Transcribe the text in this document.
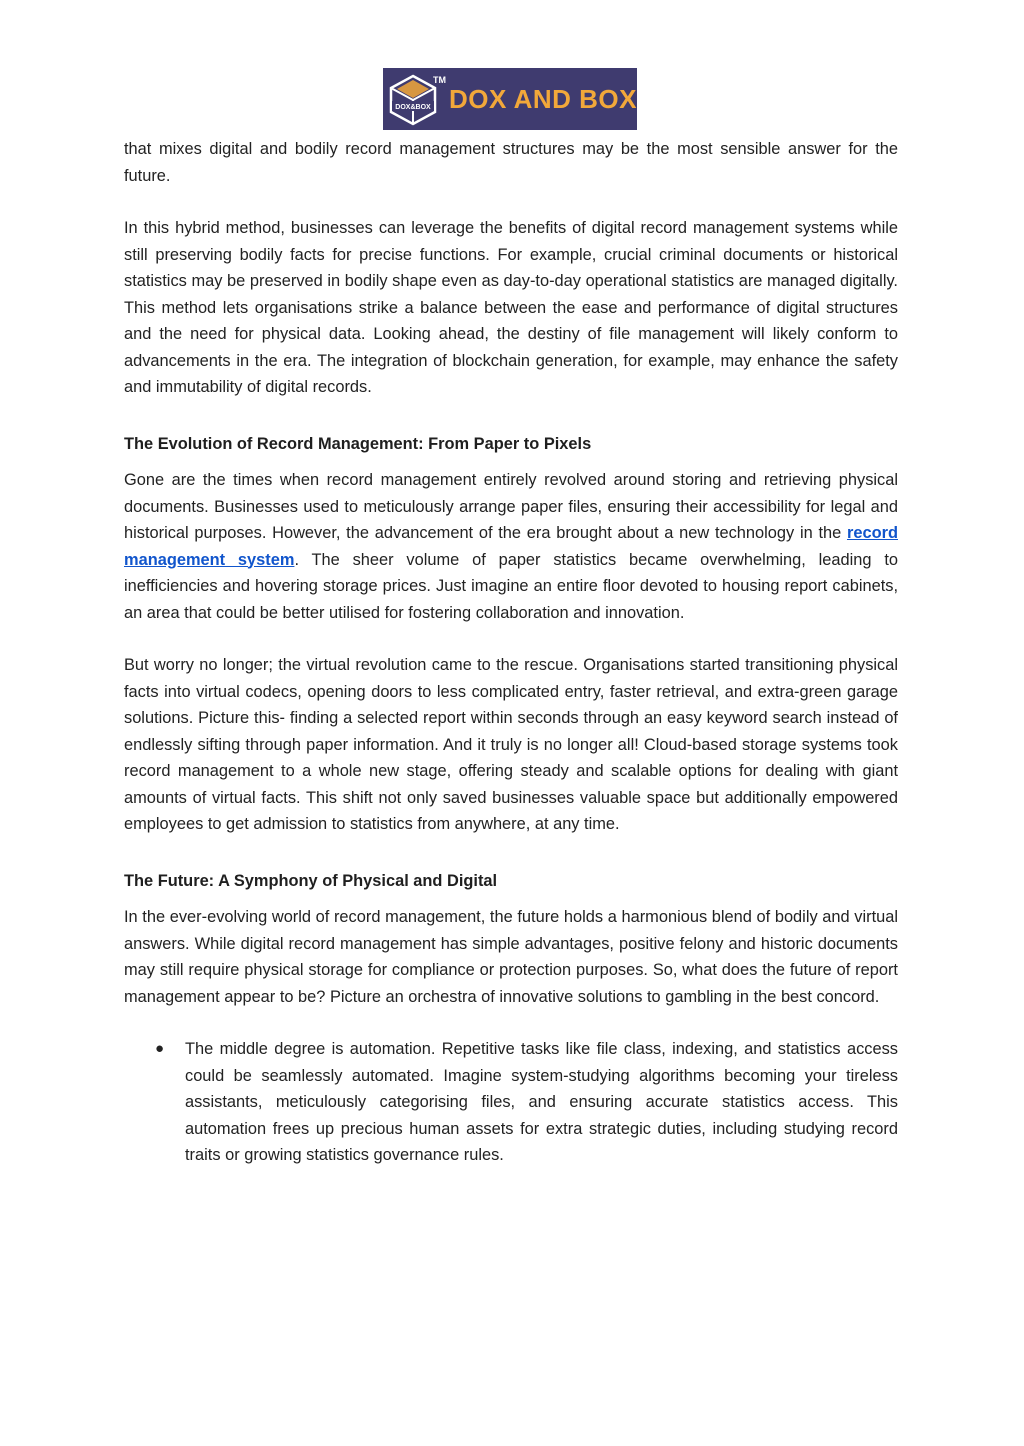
DOX&BOX
TM
DOX AND BOX

that mixes digital and bodily record management structures may be the most sensible answer for the future.

In this hybrid method, businesses can leverage the benefits of digital record management systems while still preserving bodily facts for precise functions. For example, crucial criminal documents or historical statistics may be preserved in bodily shape even as day-to-day operational statistics are managed digitally. This method lets organisations strike a balance between the ease and performance of digital structures and the need for physical data. Looking ahead, the destiny of file management will likely conform to advancements in the era. The integration of blockchain generation, for example, may enhance the safety and immutability of digital records.

The Evolution of Record Management: From Paper to Pixels

Gone are the times when record management entirely revolved around storing and retrieving physical documents. Businesses used to meticulously arrange paper files, ensuring their accessibility for legal and historical purposes. However, the advancement of the era brought about a new technology in the record management system. The sheer volume of paper statistics became overwhelming, leading to inefficiencies and hovering storage prices. Just imagine an entire floor devoted to housing report cabinets, an area that could be better utilised for fostering collaboration and innovation.

But worry no longer; the virtual revolution came to the rescue. Organisations started transitioning physical facts into virtual codecs, opening doors to less complicated entry, faster retrieval, and extra-green garage solutions. Picture this- finding a selected report within seconds through an easy keyword search instead of endlessly sifting through paper information. And it truly is no longer all! Cloud-based storage systems took record management to a whole new stage, offering steady and scalable options for dealing with giant amounts of virtual facts. This shift not only saved businesses valuable space but additionally empowered employees to get admission to statistics from anywhere, at any time.

The Future: A Symphony of Physical and Digital

In the ever-evolving world of record management, the future holds a harmonious blend of bodily and virtual answers. While digital record management has simple advantages, positive felony and historic documents may still require physical storage for compliance or protection purposes. So, what does the future of report management appear to be? Picture an orchestra of innovative solutions to gambling in the best concord.

● The middle degree is automation. Repetitive tasks like file class, indexing, and statistics access could be seamlessly automated. Imagine system-studying algorithms becoming your tireless assistants, meticulously categorising files, and ensuring accurate statistics access. This automation frees up precious human assets for extra strategic duties, including studying record traits or growing statistics governance rules.
